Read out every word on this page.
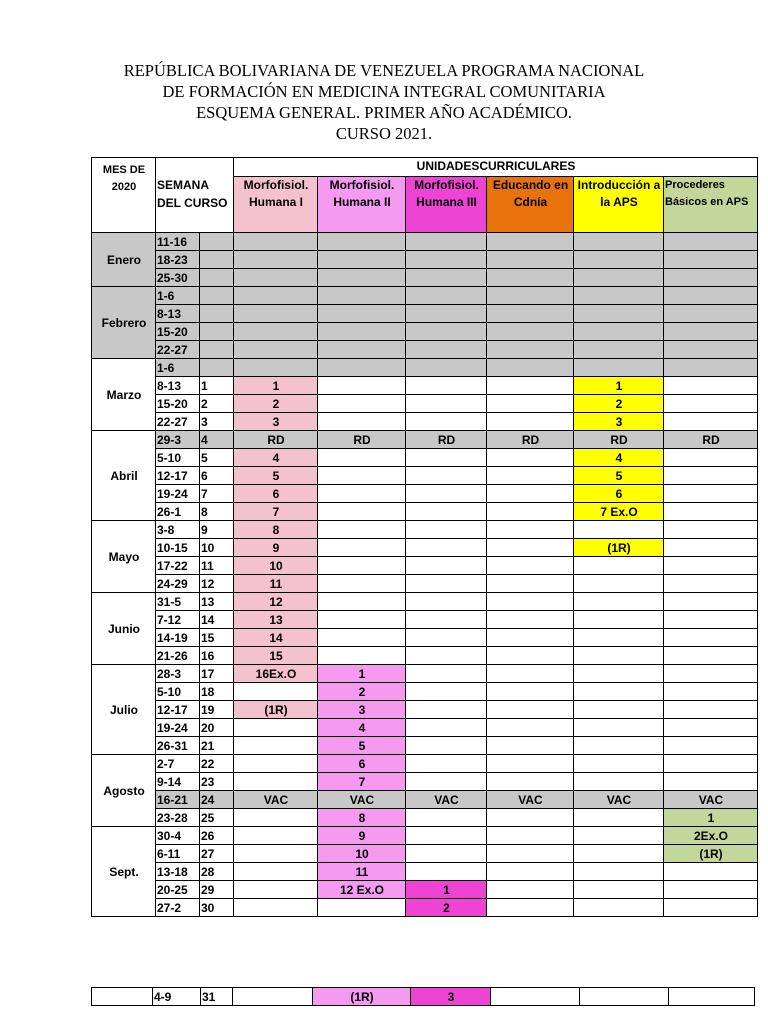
REPÚBLICA BOLIVARIANA DE VENEZUELA PROGRAMA NACIONAL
DE FORMACIÓN EN MEDICINA INTEGRAL COMUNITARIA
ESQUEMA GENERAL. PRIMER AÑO ACADÉMICO.
CURSO 2021.
MES DE 2020	SEMANA DEL CURSO		UNIDADESCURRICULARES					
			Morfofisiol. Humana I	Morfofisiol. Humana II	Morfofisiol. Humana III	Educando en Cdnía	Introducción a la APS	Procederes Básicos en APS
Enero	11-16							
	18-23							
	25-30							
Febrero	1-6							
	8-13							
	15-20							
	22-27							
Marzo	1-6							
	8-13	1	1				1	
	15-20	2	2				2	
	22-27	3	3				3	
Abril	29-3	4	RD	RD	RD	RD	RD	RD
	5-10	5	4				4	
	12-17	6	5				5	
	19-24	7	6				6	
	26-1	8	7				7 Ex.O	
Mayo	3-8	9	8					
	10-15	10	9				(1R)	
	17-22	11	10					
	24-29	12	11					
Junio	31-5	13	12					
	7-12	14	13					
	14-19	15	14					
	21-26	16	15					
Julio	28-3	17	16Ex.O	1				
	5-10	18		2				
	12-17	19	(1R)	3				
	19-24	20		4				
	26-31	21		5				
Agosto	2-7	22		6				
	9-14	23		7				
	16-21	24	VAC	VAC	VAC	VAC	VAC	VAC
	23-28	25		8				1
Sept.	30-4	26		9				2Ex.O
	6-11	27		10				(1R)
	13-18	28		11				
	20-25	29		12 Ex.O	1			
	27-2	30			2			
	4-9	31		(1R)	3			
